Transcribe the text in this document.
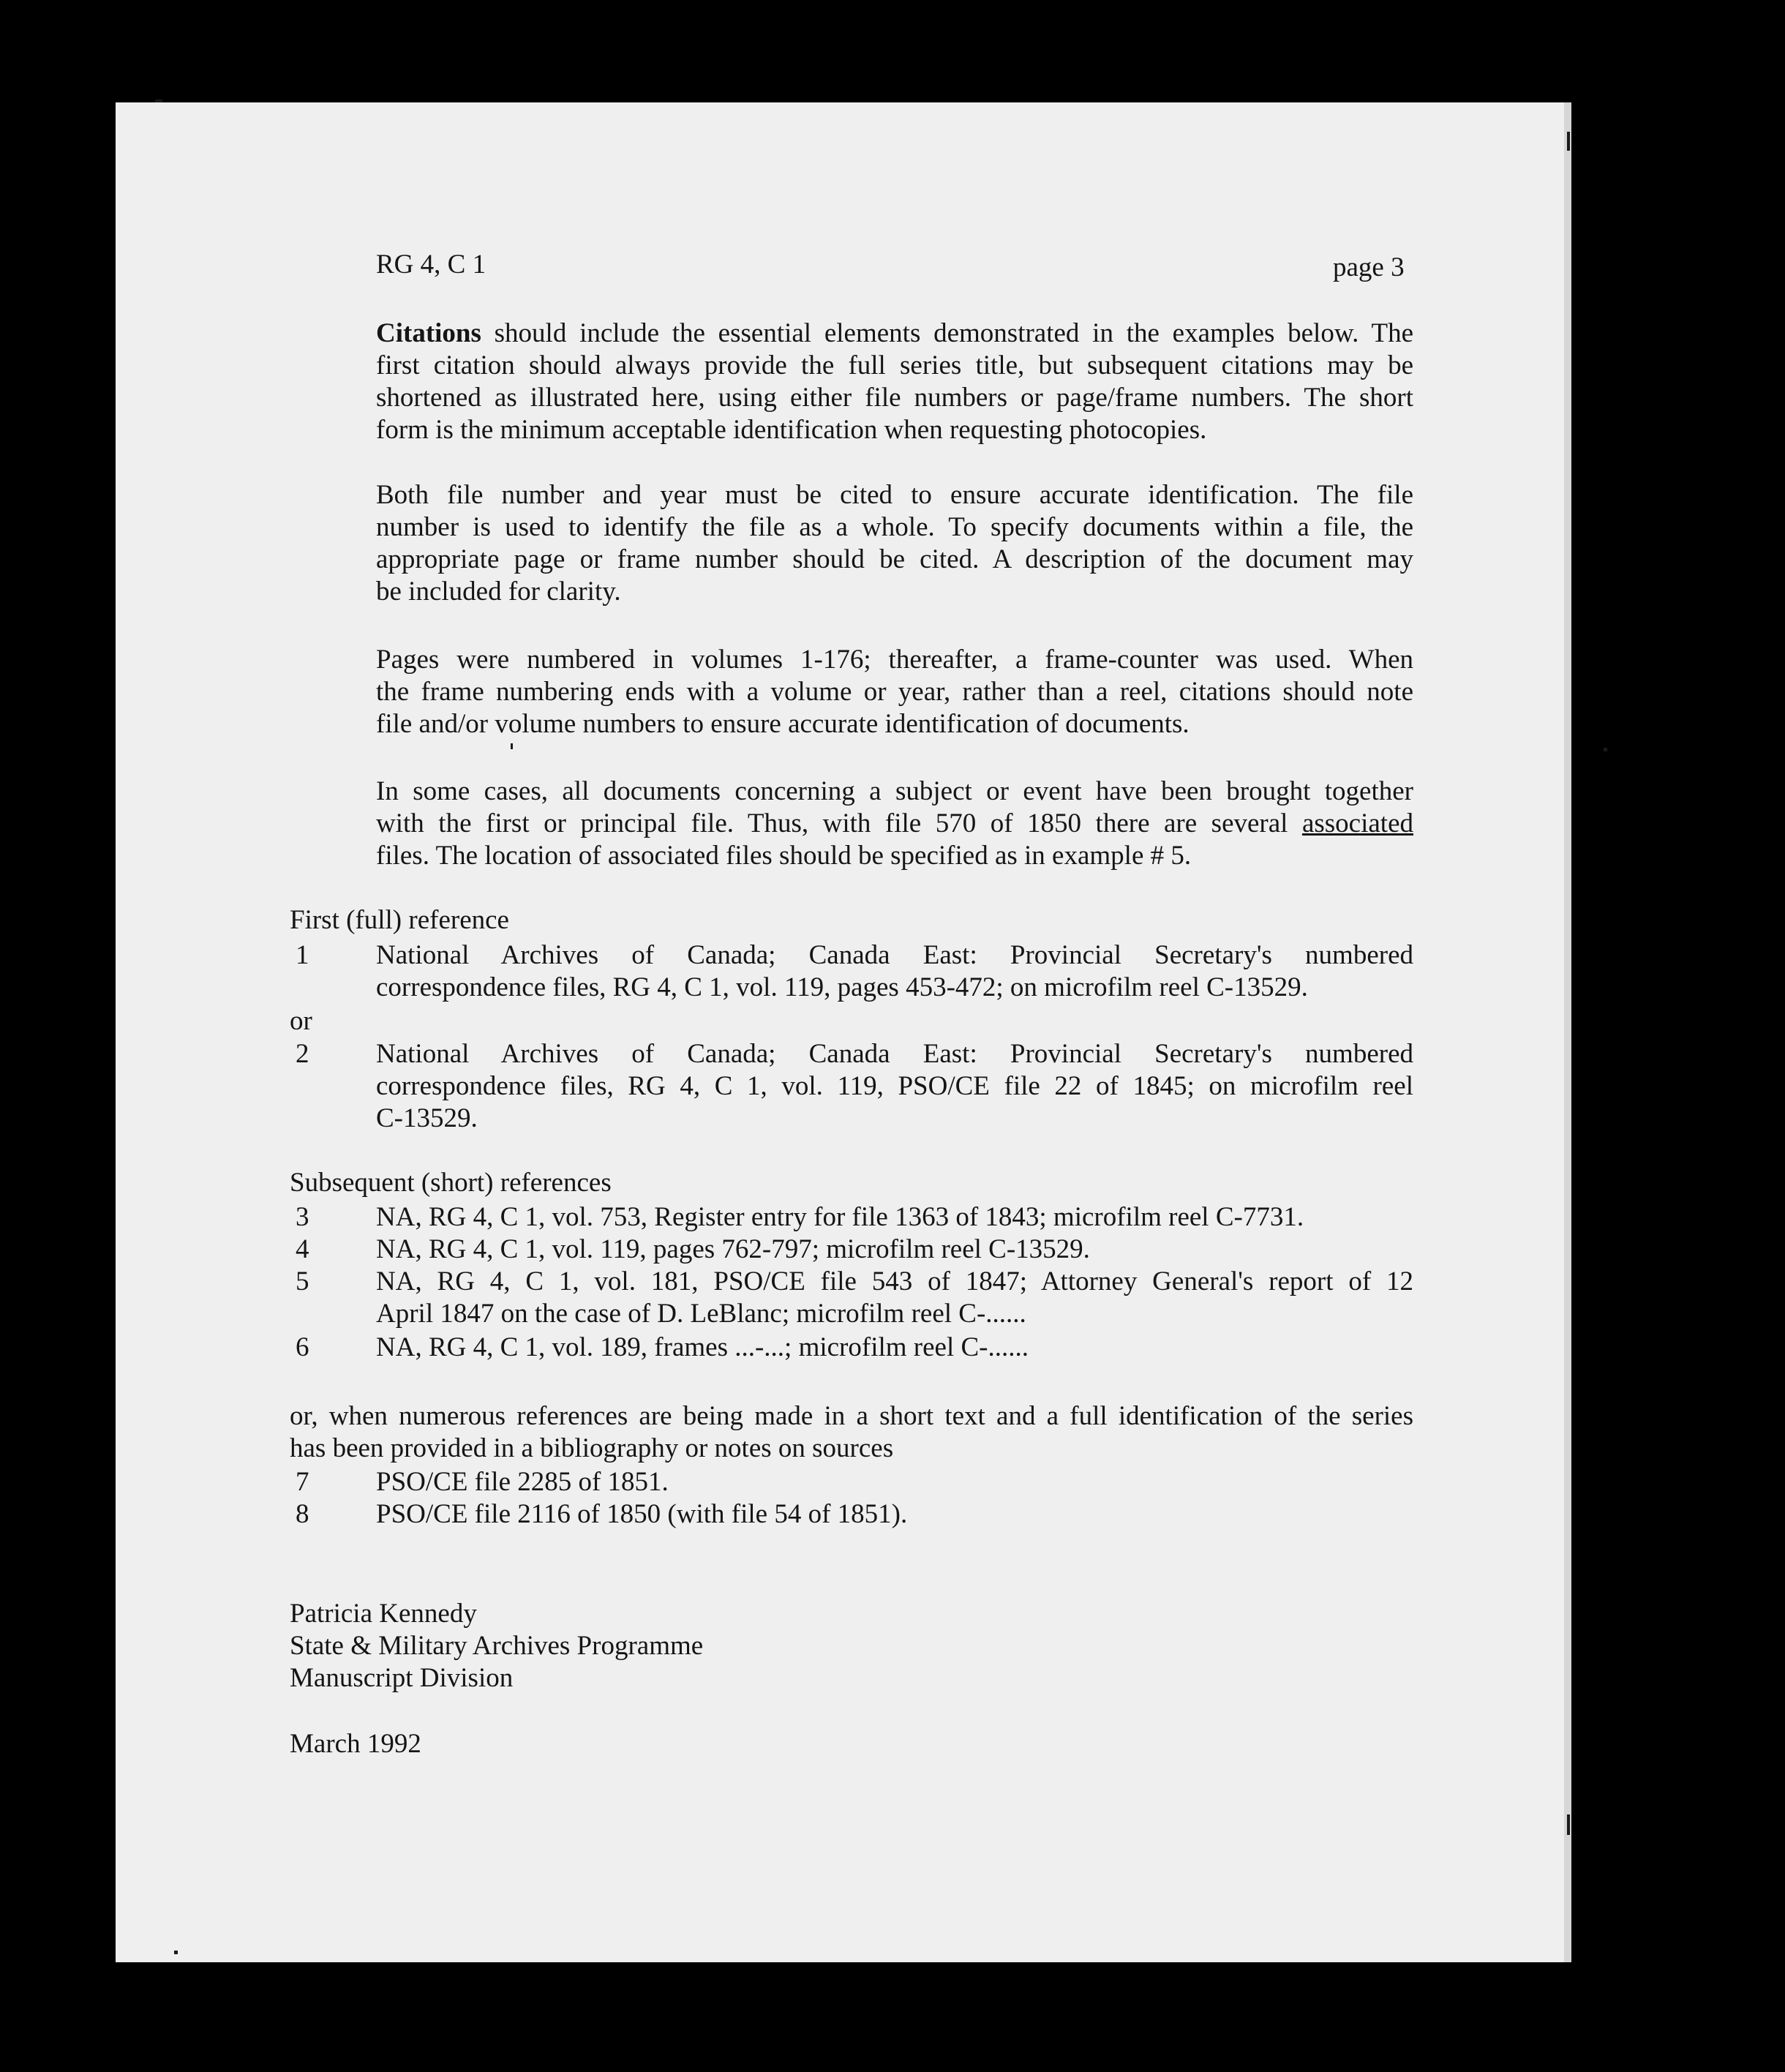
RG 4, C 1	page 3

Citations should include the essential elements demonstrated in the examples below. The
first citation should always provide the full series title, but subsequent citations may be
shortened as illustrated here, using either file numbers or page/frame numbers. The short
form is the minimum acceptable identification when requesting photocopies.
Both file number and year must be cited to ensure accurate identification. The file
number is used to identify the file as a whole. To specify documents within a file, the
appropriate page or frame number should be cited. A description of the document may
be included for clarity.
Pages were numbered in volumes 1-176; thereafter, a frame-counter was used. When
the frame numbering ends with a volume or year, rather than a reel, citations should note
file and/or volume numbers to ensure accurate identification of documents.
In some cases, all documents concerning a subject or event have been brought together
with the first or principal file. Thus, with file 570 of 1850 there are several associated
files. The location of associated files should be specified as in example # 5.

First (full) reference

1 National Archives of Canada; Canada East: Provincial Secretary's numbered
correspondence files, RG 4, C 1, vol. 119, pages 453-472; on microfilm reel C-13529.

or

2 National Archives of Canada; Canada East: Provincial Secretary's numbered
correspondence files, RG 4, C 1, vol. 119, PSO/CE file 22 of 1845; on microfilm reel
C-13529.

Subsequent (short) references

3 NA, RG 4, C 1, vol. 753, Register entry for file 1363 of 1843; microfilm reel C-7731.
4 NA, RG 4, C 1, vol. 119, pages 762-797; microfilm reel C-13529.
5 NA, RG 4, C 1, vol. 181, PSO/CE file 543 of 1847; Attorney General's report of 12
April 1847 on the case of D. LeBlanc; microfilm reel C-......
6 NA, RG 4, C 1, vol. 189, frames ...-...; microfilm reel C-......
or, when numerous references are being made in a short text and a full identification of the series
has been provided in a bibliography or notes on sources
7 PSO/CE file 2285 of 1851.
8 PSO/CE file 2116 of 1850 (with file 54 of 1851).

Patricia Kennedy

State & Military Archives Programme

Manuscript Division

March 1992
